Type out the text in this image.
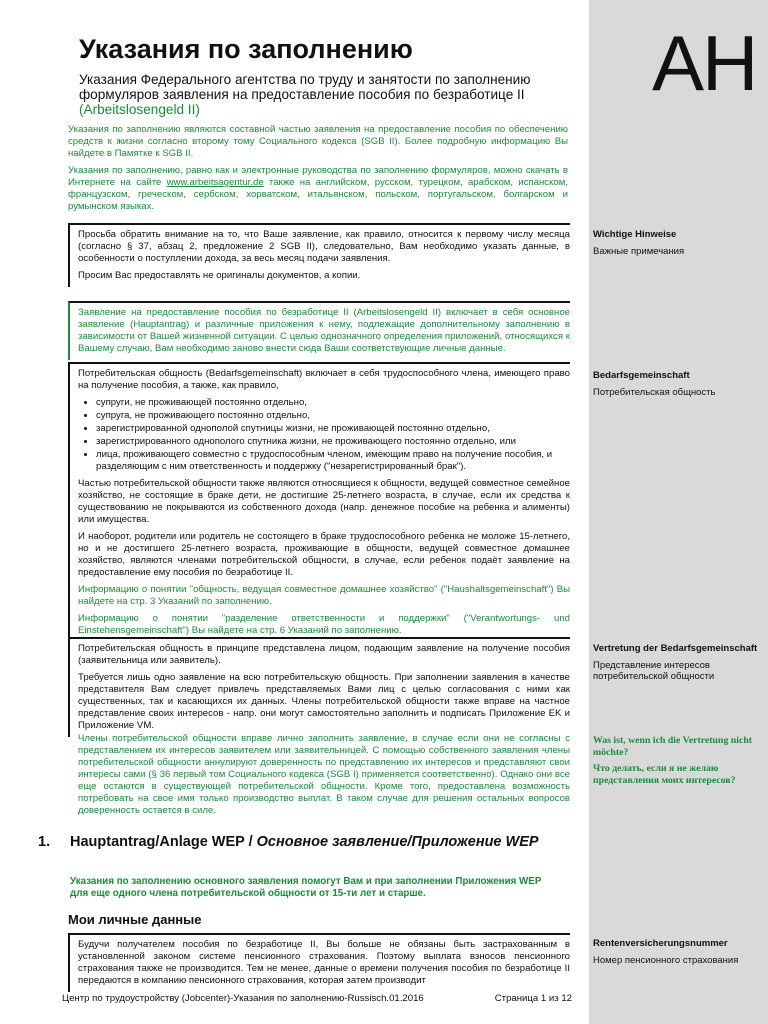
AH
Указания по заполнению
Указания Федерального агентства по труду и занятости по заполнению формуляров заявления на предоставление пособия по безработице II
(Arbeitslosengeld II)

Указания по заполнению являются составной частью заявления на предоставление пособия по обеспечению средств к жизни согласно второму тому Социального кодекса (SGB II). Более подробную информацию Вы найдете в Памятке к SGB II.

Указания по заполнению, равно как и электронные руководства по заполнению формуляров, можно скачать в Интернете на сайте www.arbeitsagentur.de также на английском, русском, турецком, арабском, испанском, французском, греческом, сербском, хорватском, итальянском, польском, португальском, болгарском и румынском языках.

Просьба обратить внимание на то, что Ваше заявление, как правило, относится к первому числу месяца (согласно § 37, абзац 2, предложение 2 SGB II), следовательно, Вам необходимо указать данные, в особенности о поступлении дохода, за весь месяц подачи заявления.

Просим Вас предоставлять не оригиналы документов, а копии.

Wichtige Hinweise
Важные примечания

Заявление на предоставление пособия по безработице II (Arbeitslosengeld II) включает в себя основное заявление (Hauptantrag) и различные приложения к нему, подлежащие дополнительному заполнению в зависимости от Вашей жизненной ситуации. С целью однозначного определения приложений, относящихся к Вашему случаю, Вам необходимо заново внести сюда Ваши соответствующие личные данные.

Потребительская общность (Bedarfsgemeinschaft) включает в себя трудоспособного члена, имеющего право на получение пособия, а также, как правило,

• супруги, не проживающей постоянно отдельно,
• супруга, не проживающего постоянно отдельно,
• зарегистрированной однополой спутницы жизни, не проживающей постоянно отдельно,
• зарегистрированного однополого спутника жизни, не проживающего постоянно отдельно, или
• лица, проживающего совместно с трудоспособным членом, имеющим право на получение пособия, и разделяющим с ним ответственность и поддержку ("незарегистрированный брак").

Частью потребительской общности также являются относящиеся к общности, ведущей совместное семейное хозяйство, не состоящие в браке дети, не достигшие 25-летнего возраста, в случае, если их средства к существованию не покрываются из собственного дохода (напр. денежное пособие на ребенка и алименты) или имущества.

И наоборот, родители или родитель не состоящего в браке трудоспособного ребенка не моложе 15-летнего, но и не достигшего 25-летнего возраста, проживающие в общности, ведущей совместное домашнее хозяйство, являются членами потребительской общности, в случае, если ребенок подаёт заявление на предоставление ему пособия по безработице II.

Информацию о понятии "общность, ведущая совместное домашнее хозяйство" ("Haushaltsgemeinschaft") Вы найдете на стр. 3 Указаний по заполнению.

Информацию о понятии "разделение ответственности и поддержки" ("Verantwortungs- und Einstehensgemeinschaft") Вы найдете на стр. 6 Указаний по заполнению.

Bedarfsgemeinschaft
Потребительская общность

Потребительская общность в принципе представлена лицом, подающим заявление на получение пособия (заявительница или заявитель).

Требуется лишь одно заявление на всю потребительскую общность. При заполнении заявления в качестве представителя Вам следует привлечь представляемых Вами лиц с целью согласования с ними как существенных, так и касающихся их данных. Члены потребительской общности также вправе на частное представление своих интересов - напр. они могут самостоятельно заполнить и подписать Приложение EK и Приложение VM.

Члены потребительской общности вправе лично заполнить заявление, в случае если они не согласны с представлением их интересов заявителем или заявительницей. С помощью собственного заявления члены потребительской общности аннулируют доверенность по представлению их интересов и представляют свои интересы сами (§ 36 первый том Социального кодекса (SGB I) применяется соответственно). Однако они все еще остаются в существующей потребительской общности. Кроме того, предоставлена возможность потребовать на свое имя только производство выплат. В таком случае для решения остальных вопросов доверенность остается в силе.

Vertretung der Bedarfsgemeinschaft
Представление интересов потребительской общности
Was ist, wenn ich die Vertretung nicht möchte?
Что делать, если я не желаю представления моих интересов?
1. Hauptantrag/Anlage WEP / Основное заявление/Приложение WEP
Указания по заполнению основного заявления помогут Вам и при заполнении Приложения WEP для еще одного члена потребительской общности от 15-ти лет и старше.
Мои личные данные

Будучи получателем пособия по безработице II, Вы больше не обязаны быть застрахованным в установленной законом системе пенсионного страхования. Поэтому выплата взносов пенсионного страхования также не производится. Тем не менее, данные о времени получения пособия по безработице II передаются в компанию пенсионного страхования, которая затем производит

Rentenversicherungsnummer
Номер пенсионного страхования
Центр по трудоустройству (Jobcenter)-Указания по заполнению-Russisch.01.2016	Страница 1 из 12
